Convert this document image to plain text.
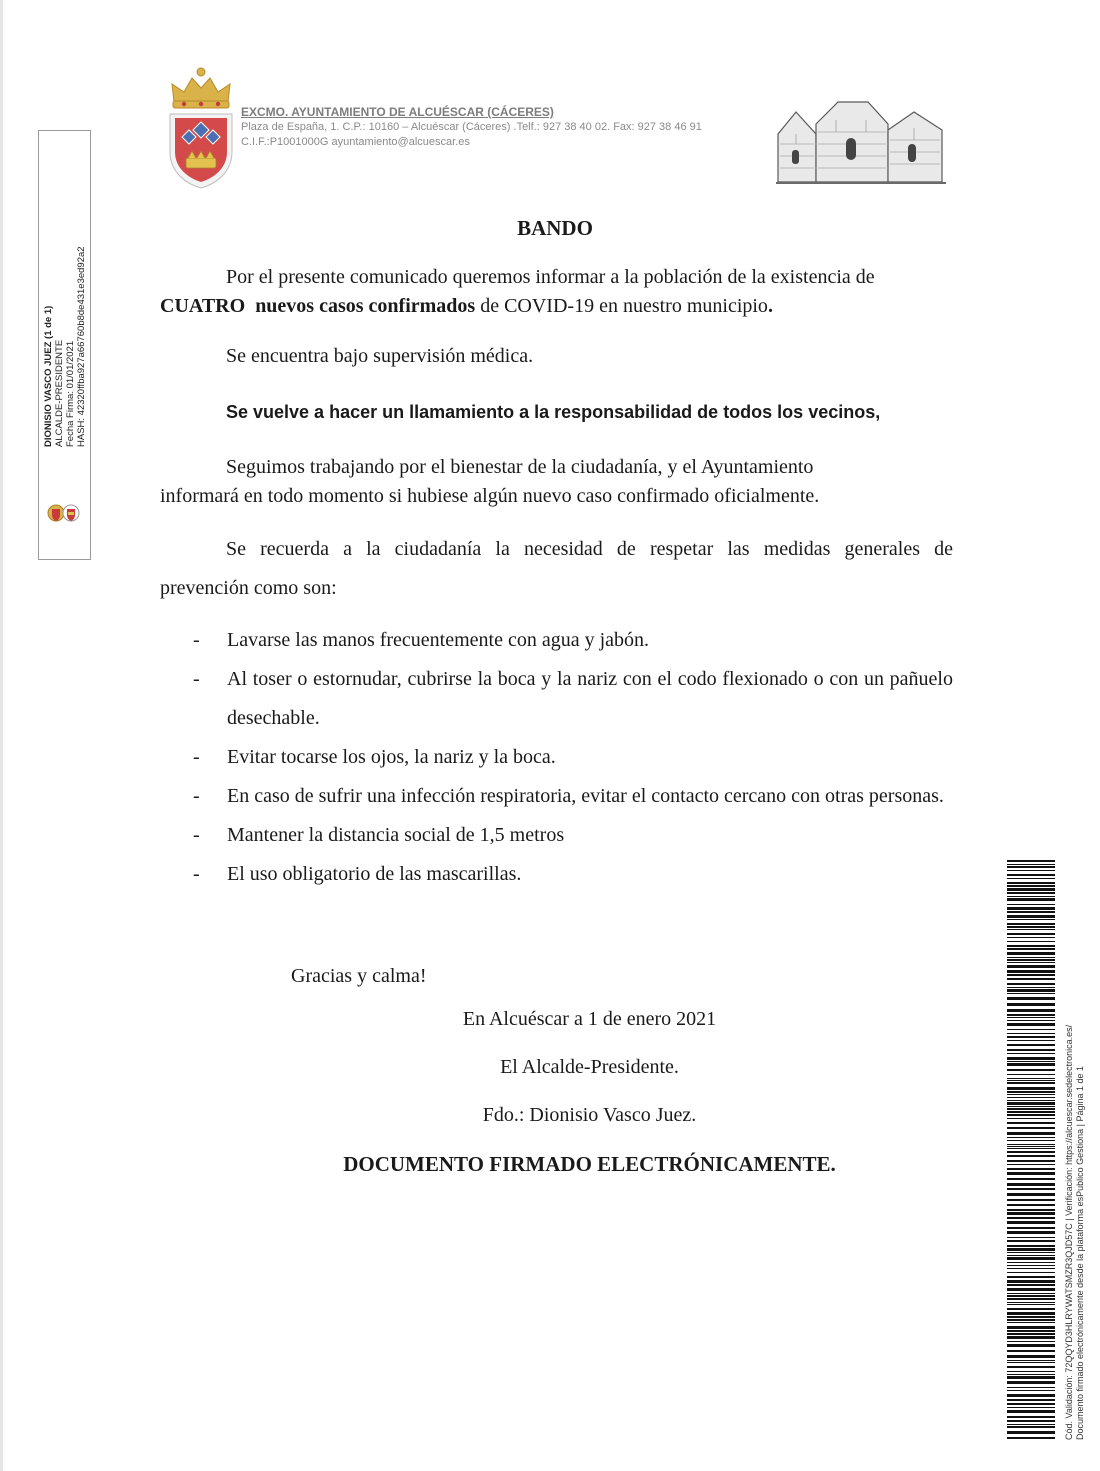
EXCMO. AYUNTAMIENTO DE ALCUÉSCAR (CÁCERES)
Plaza de España, 1. C.P.: 10160 – Alcuéscar (Cáceres) .Telf.: 927 38 40 02. Fax: 927 38 46 91
C.I.F.:P1001000G ayuntamiento@alcuescar.es
DIONISIO VASCO JUEZ (1 de 1) ALCALDE-PRESIDENTE Fecha Firma: 01/01/2021 HASH: 42320ffba927a66760b8de431e3ed92a2
BANDO
Por el presente comunicado queremos informar a la población de la existencia de
CUATRO nuevos casos confirmados de COVID-19 en nuestro municipio.
Se encuentra bajo supervisión médica.
Se vuelve a hacer un llamamiento a la responsabilidad de todos los vecinos,
Seguimos trabajando por el bienestar de la ciudadanía, y el Ayuntamiento
informará en todo momento si hubiese algún nuevo caso confirmado oficialmente.
Se recuerda a la ciudadanía la necesidad de respetar las medidas generales de
prevención como son:
- Lavarse las manos frecuentemente con agua y jabón.
- Al toser o estornudar, cubrirse la boca y la nariz con el codo flexionado o con un pañuelo desechable.
- Evitar tocarse los ojos, la nariz y la boca.
- En caso de sufrir una infección respiratoria, evitar el contacto cercano con otras personas.
- Mantener la distancia social de 1,5 metros
- El uso obligatorio de las mascarillas.
Gracias y calma!
En Alcuéscar a 1 de enero 2021
El Alcalde-Presidente.
Fdo.: Dionisio Vasco Juez.
DOCUMENTO FIRMADO ELECTRÓNICAMENTE.	Cód. Validación: 72QQYD3HLRYWATSMZR3QJD57C | Verificación: https://alcuescar.sedelectronica.es/ Documento firmado electrónicamente desde la plataforma esPublico Gestiona | Página 1 de 1
